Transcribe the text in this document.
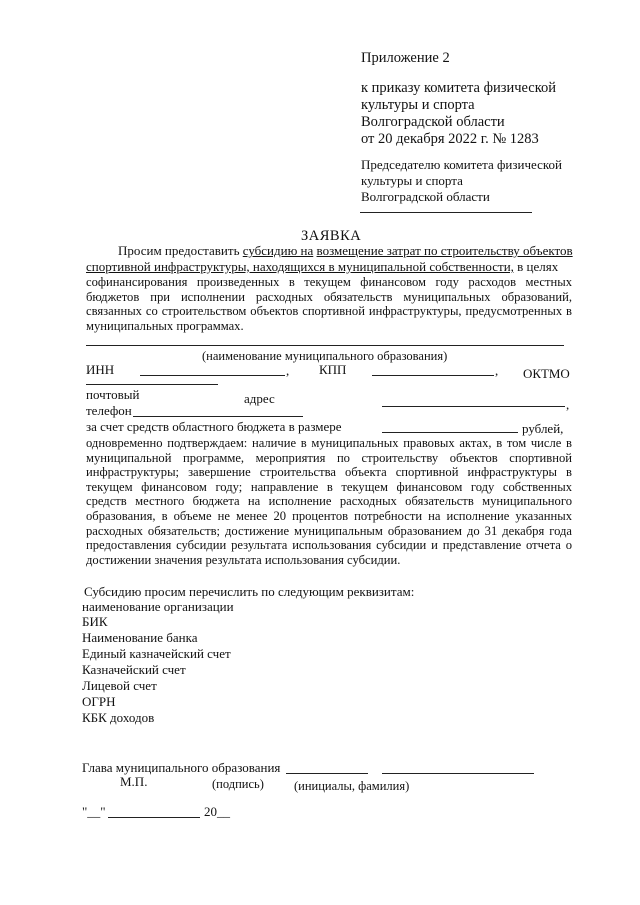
Приложение 2
к приказу комитета физической
культуры и спорта
Волгоградской области
от 20 декабря 2022 г. № 1283
Председателю комитета физической
культуры и спорта
Волгоградской области
ЗАЯВКА
Просим предоставить субсидию на возмещение затрат по строительству объектов
спортивной инфраструктуры, находящихся в муниципальной собственности, в целях
софинансирования произведенных в текущем финансовом году расходов местных бюджетов при исполнении расходных обязательств муниципальных образований, связанных со строительством объектов спортивной инфраструктуры, предусмотренных в муниципальных программах.
(наименование муниципального образования)
ИНН	, КПП	, ОКТМО
почтовый	адрес	,
телефон
за счет средств областного бюджета в размере	рублей,
одновременно подтверждаем: наличие в муниципальных правовых актах, в том числе в муниципальной программе, мероприятия по строительству объектов спортивной инфраструктуры; завершение строительства объекта спортивной инфраструктуры в текущем финансовом году; направление в текущем финансовом году собственных средств местного бюджета на исполнение расходных обязательств муниципального образования, в объеме не менее 20 процентов потребности на исполнение указанных расходных обязательств; достижение муниципальным образованием до 31 декабря года предоставления субсидии результата использования субсидии и представление отчета о достижении значения результата использования субсидии.
Субсидию просим перечислить по следующим реквизитам:
наименование организации
БИК
Наименование банка
Единый казначейский счет
Казначейский счет
Лицевой счет
ОГРН
КБК доходов
Глава муниципального образования
М.П.	(подпись) (инициалы, фамилия)
"__"	20__
